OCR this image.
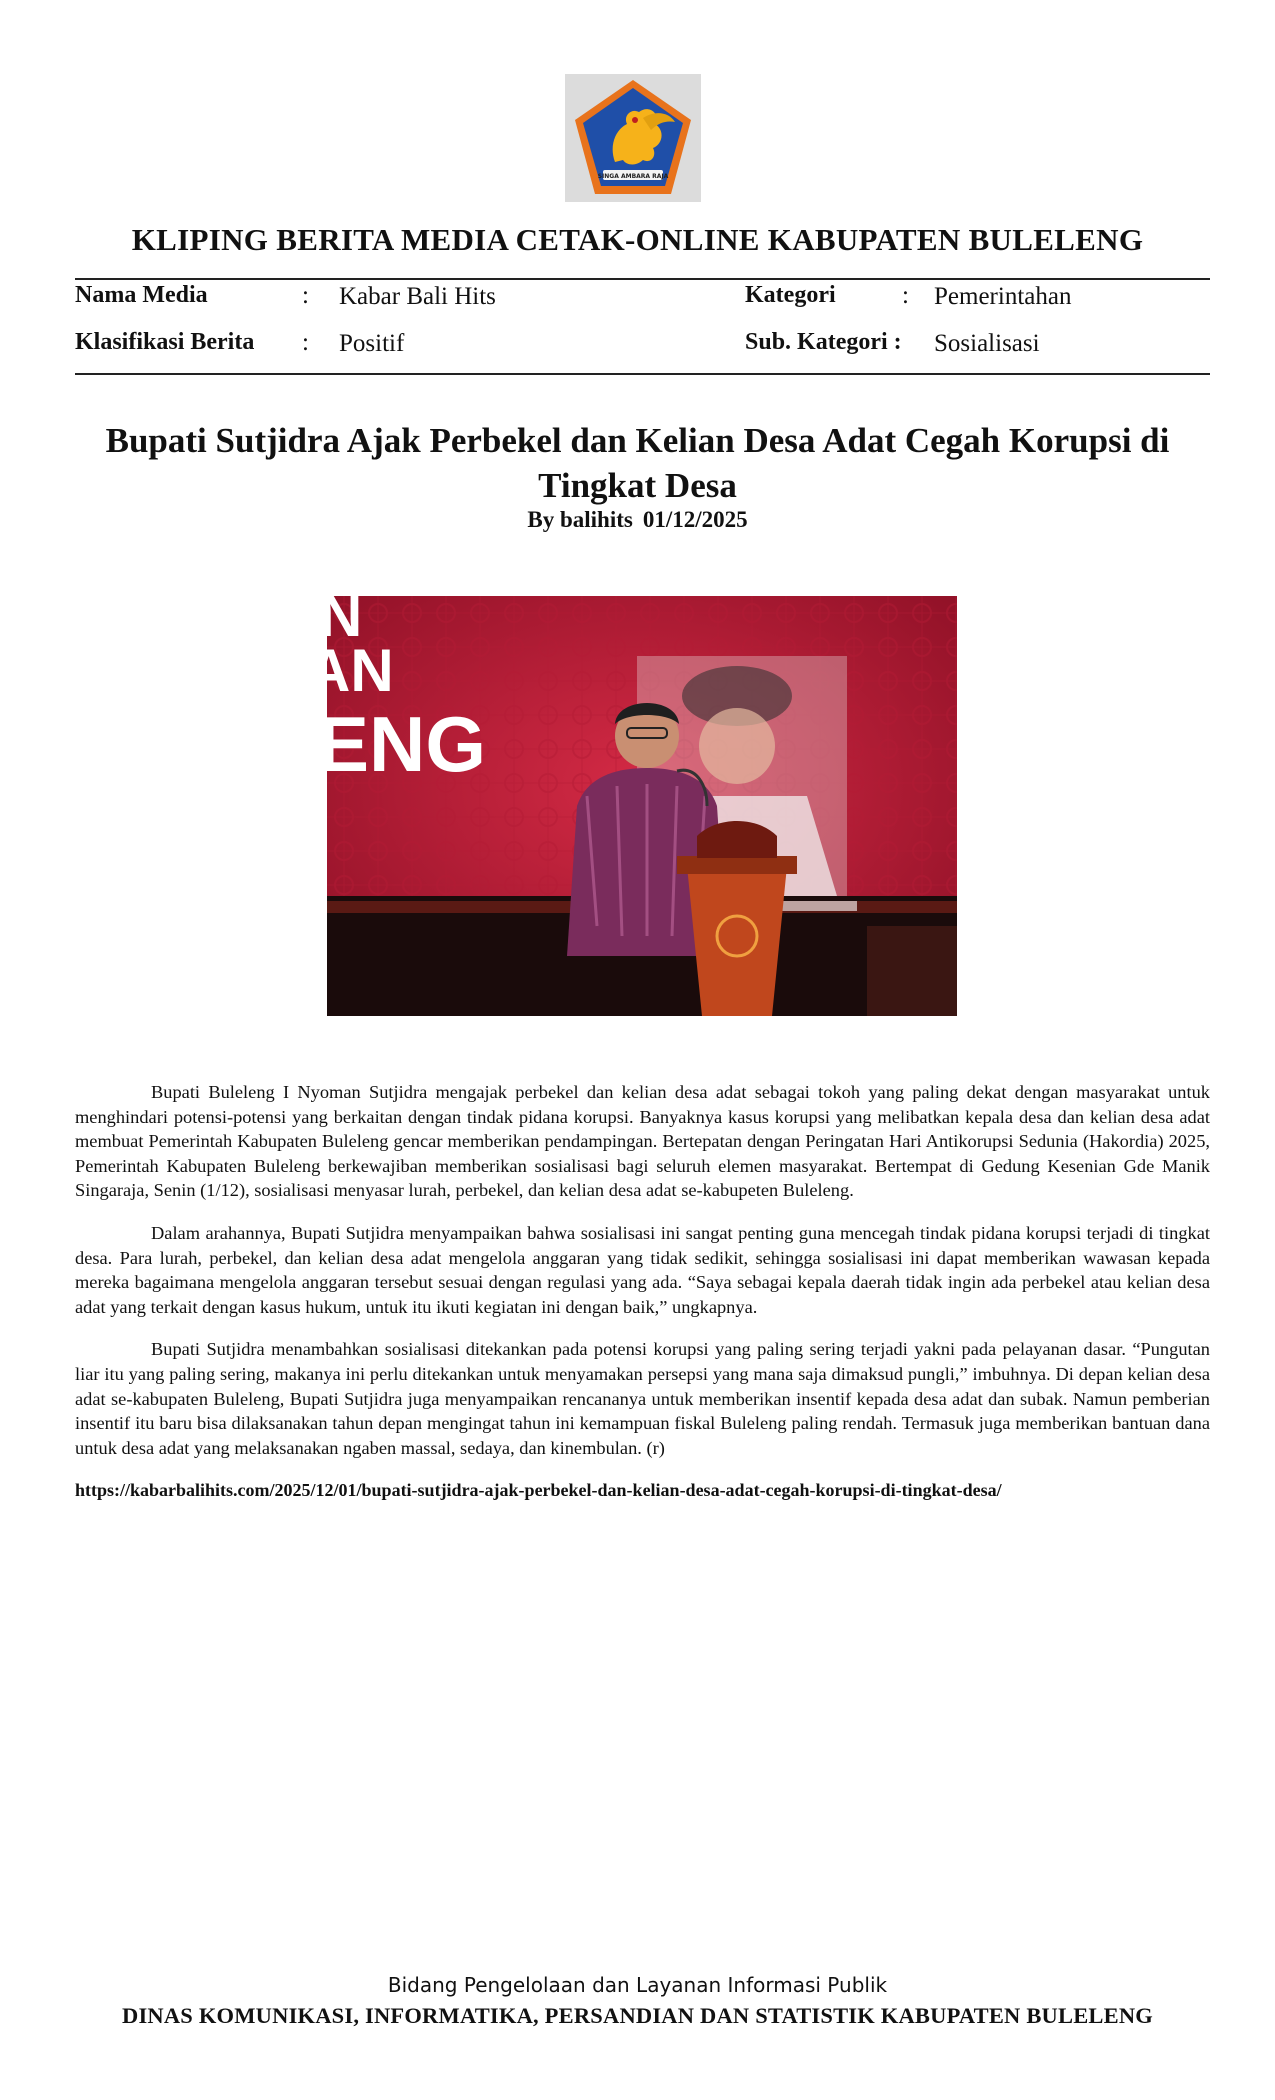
SINGA AMBARA RAJA
KLIPING BERITA MEDIA CETAK-ONLINE KABUPATEN BULELENG
Nama Media	: Kabar Bali Hits
Klasifikasi Berita : Positif
Kategori	: Pemerintahan
Sub. Kategori : Sosialisasi
Bupati Sutjidra Ajak Perbekel dan Kelian Desa Adat Cegah Korupsi di Tingkat Desa
By balihits 01/12/2025
N
AN
ENG

Bupati Buleleng I Nyoman Sutjidra mengajak perbekel dan kelian desa adat sebagai tokoh yang paling dekat dengan masyarakat untuk menghindari potensi-potensi yang berkaitan dengan tindak pidana korupsi. Banyaknya kasus korupsi yang melibatkan kepala desa dan kelian desa adat membuat Pemerintah Kabupaten Buleleng gencar memberikan pendampingan. Bertepatan dengan Peringatan Hari Antikorupsi Sedunia (Hakordia) 2025, Pemerintah Kabupaten Buleleng berkewajiban memberikan sosialisasi bagi seluruh elemen masyarakat. Bertempat di Gedung Kesenian Gde Manik Singaraja, Senin (1/12), sosialisasi menyasar lurah, perbekel, dan kelian desa adat se-kabupeten Buleleng.

Dalam arahannya, Bupati Sutjidra menyampaikan bahwa sosialisasi ini sangat penting guna mencegah tindak pidana korupsi terjadi di tingkat desa. Para lurah, perbekel, dan kelian desa adat mengelola anggaran yang tidak sedikit, sehingga sosialisasi ini dapat memberikan wawasan kepada mereka bagaimana mengelola anggaran tersebut sesuai dengan regulasi yang ada. “Saya sebagai kepala daerah tidak ingin ada perbekel atau kelian desa adat yang terkait dengan kasus hukum, untuk itu ikuti kegiatan ini dengan baik,” ungkapnya.

Bupati Sutjidra menambahkan sosialisasi ditekankan pada potensi korupsi yang paling sering terjadi yakni pada pelayanan dasar. “Pungutan liar itu yang paling sering, makanya ini perlu ditekankan untuk menyamakan persepsi yang mana saja dimaksud pungli,” imbuhnya. Di depan kelian desa adat se-kabupaten Buleleng, Bupati Sutjidra juga menyampaikan rencananya untuk memberikan insentif kepada desa adat dan subak. Namun pemberian insentif itu baru bisa dilaksanakan tahun depan mengingat tahun ini kemampuan fiskal Buleleng paling rendah. Termasuk juga memberikan bantuan dana untuk desa adat yang melaksanakan ngaben massal, sedaya, dan kinembulan. (r)

https://kabarbalihits.com/2025/12/01/bupati-sutjidra-ajak-perbekel-dan-kelian-desa-adat-cegah-korupsi-di-tingkat-desa/

Bidang Pengelolaan dan Layanan Informasi Publik
DINAS KOMUNIKASI, INFORMATIKA, PERSANDIAN DAN STATISTIK KABUPATEN BULELENG
